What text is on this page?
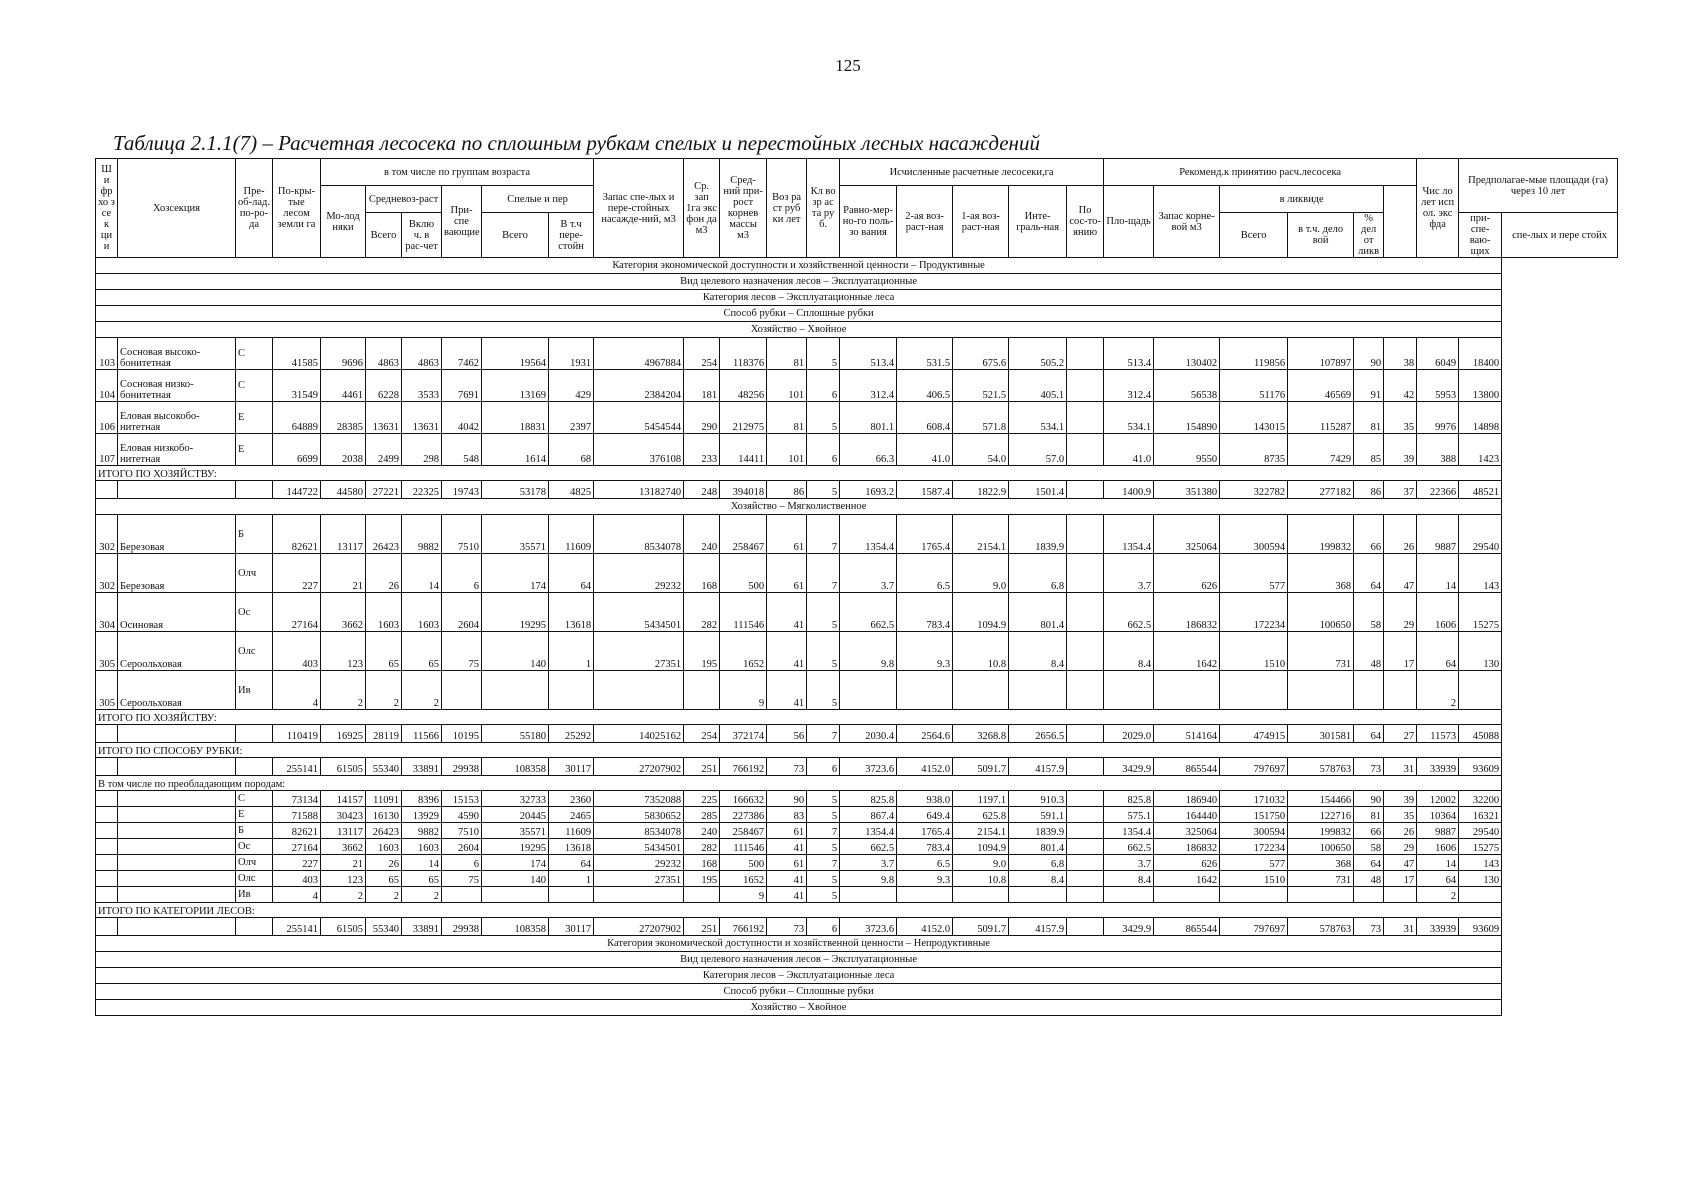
125
Таблица 2.1.1(7) – Расчетная лесосека по сплошным рубкам спелых и перестойных лесных насаждений
Ш и фр хо з се к ци и	Хозсекция	Пре-об-лад. по-ро-да	По-кры-тые лесом земли га	в том числе по группам возраста						Запас спе-лых и пере-стойных насажде-ний, м3	Ср. зап 1га экс фон да м3	Сред-ний при-рост корнев массы м3	Воз ра ст руб ки лет	Кл во зр ас та ру б.	Исчисленные расчетные лесосеки,га					Рекоменд.к принятию расч.лесосека						Чис ло лет исп ол. экс фда	Предполагае-мые площади (га) через 10 лет	
				Мо-лод няки	Средневоз-раст		При-спе вающие	Спелые и пер							Равно-мер-но-го поль-зо вания	2-ая воз-раст-ная	1-ая воз-раст-ная	Инте-граль-ная	По сос-то-янию	Пло-щадь	Запас корне-вой м3	в ликвиде						
					Всего	Вклю ч. в рас-чет		Всего	В т.ч пере-стойн													Всего	в т.ч. дело вой	% дел от ликв			при-спе-ваю-щих	спе-лых и пере стойх
Категория экономической доступности и хозяйственной ценности – Продуктивные																												
Вид целевого назначения лесов – Эксплуатационные																												
Категория лесов – Эксплуатационные леса																												
Способ рубки – Сплошные рубки																												
Хозяйство – Хвойное																												
103	Сосновая высоко-бонитетная	С	41585	9696	4863	4863	7462	19564	1931	4967884	254	118376	81	5	513.4	531.5	675.6	505.2		513.4	130402	119856	107897	90	38	6049	18400	
104	Сосновая низко-бонитетная	С	31549	4461	6228	3533	7691	13169	429	2384204	181	48256	101	6	312.4	406.5	521.5	405.1		312.4	56538	51176	46569	91	42	5953	13800	
106	Еловая высокобо-нитетная	Е	64889	28385	13631	13631	4042	18831	2397	5454544	290	212975	81	5	801.1	608.4	571.8	534.1		534.1	154890	143015	115287	81	35	9976	14898	
107	Еловая низкобо-нитетная	Е	6699	2038	2499	298	548	1614	68	376108	233	14411	101	6	66.3	41.0	54.0	57.0		41.0	9550	8735	7429	85	39	388	1423	
ИТОГО ПО ХОЗЯЙСТВУ:																												
			144722	44580	27221	22325	19743	53178	4825	13182740	248	394018	86	5	1693.2	1587.4	1822.9	1501.4		1400.9	351380	322782	277182	86	37	22366	48521	
Хозяйство – Мягколиственное																												
302	Березовая	Б	82621	13117	26423	9882	7510	35571	11609	8534078	240	258467	61	7	1354.4	1765.4	2154.1	1839.9		1354.4	325064	300594	199832	66	26	9887	29540	
302	Березовая	Олч	227	21	26	14	6	174	64	29232	168	500	61	7	3.7	6.5	9.0	6.8		3.7	626	577	368	64	47	14	143	
304	Осиновая	Ос	27164	3662	1603	1603	2604	19295	13618	5434501	282	111546	41	5	662.5	783.4	1094.9	801.4		662.5	186832	172234	100650	58	29	1606	15275	
305	Сероольховая	Олс	403	123	65	65	75	140	1	27351	195	1652	41	5	9.8	9.3	10.8	8.4		8.4	1642	1510	731	48	17	64	130	
305	Сероольховая	Ив	4	2	2	2						9	41	5												2		
ИТОГО ПО ХОЗЯЙСТВУ:																												
			110419	16925	28119	11566	10195	55180	25292	14025162	254	372174	56	7	2030.4	2564.6	3268.8	2656.5		2029.0	514164	474915	301581	64	27	11573	45088	
ИТОГО ПО СПОСОБУ РУБКИ:																												
			255141	61505	55340	33891	29938	108358	30117	27207902	251	766192	73	6	3723.6	4152.0	5091.7	4157.9		3429.9	865544	797697	578763	73	31	33939	93609	
В том числе по преобладающим породам:																												
		С	73134	14157	11091	8396	15153	32733	2360	7352088	225	166632	90	5	825.8	938.0	1197.1	910.3		825.8	186940	171032	154466	90	39	12002	32200	
		Е	71588	30423	16130	13929	4590	20445	2465	5830652	285	227386	83	5	867.4	649.4	625.8	591.1		575.1	164440	151750	122716	81	35	10364	16321	
		Б	82621	13117	26423	9882	7510	35571	11609	8534078	240	258467	61	7	1354.4	1765.4	2154.1	1839.9		1354.4	325064	300594	199832	66	26	9887	29540	
		Ос	27164	3662	1603	1603	2604	19295	13618	5434501	282	111546	41	5	662.5	783.4	1094.9	801.4		662.5	186832	172234	100650	58	29	1606	15275	
		Олч	227	21	26	14	6	174	64	29232	168	500	61	7	3.7	6.5	9.0	6.8		3.7	626	577	368	64	47	14	143	
		Олс	403	123	65	65	75	140	1	27351	195	1652	41	5	9.8	9.3	10.8	8.4		8.4	1642	1510	731	48	17	64	130	
		Ив	4	2	2	2						9	41	5												2		
ИТОГО ПО КАТЕГОРИИ ЛЕСОВ:																												
			255141	61505	55340	33891	29938	108358	30117	27207902	251	766192	73	6	3723.6	4152.0	5091.7	4157.9		3429.9	865544	797697	578763	73	31	33939	93609	
Категория экономической доступности и хозяйственной ценности – Непродуктивные																												
Вид целевого назначения лесов – Эксплуатационные																												
Категория лесов – Эксплуатационные леса																												
Способ рубки – Сплошные рубки																												
Хозяйство – Хвойное																												
